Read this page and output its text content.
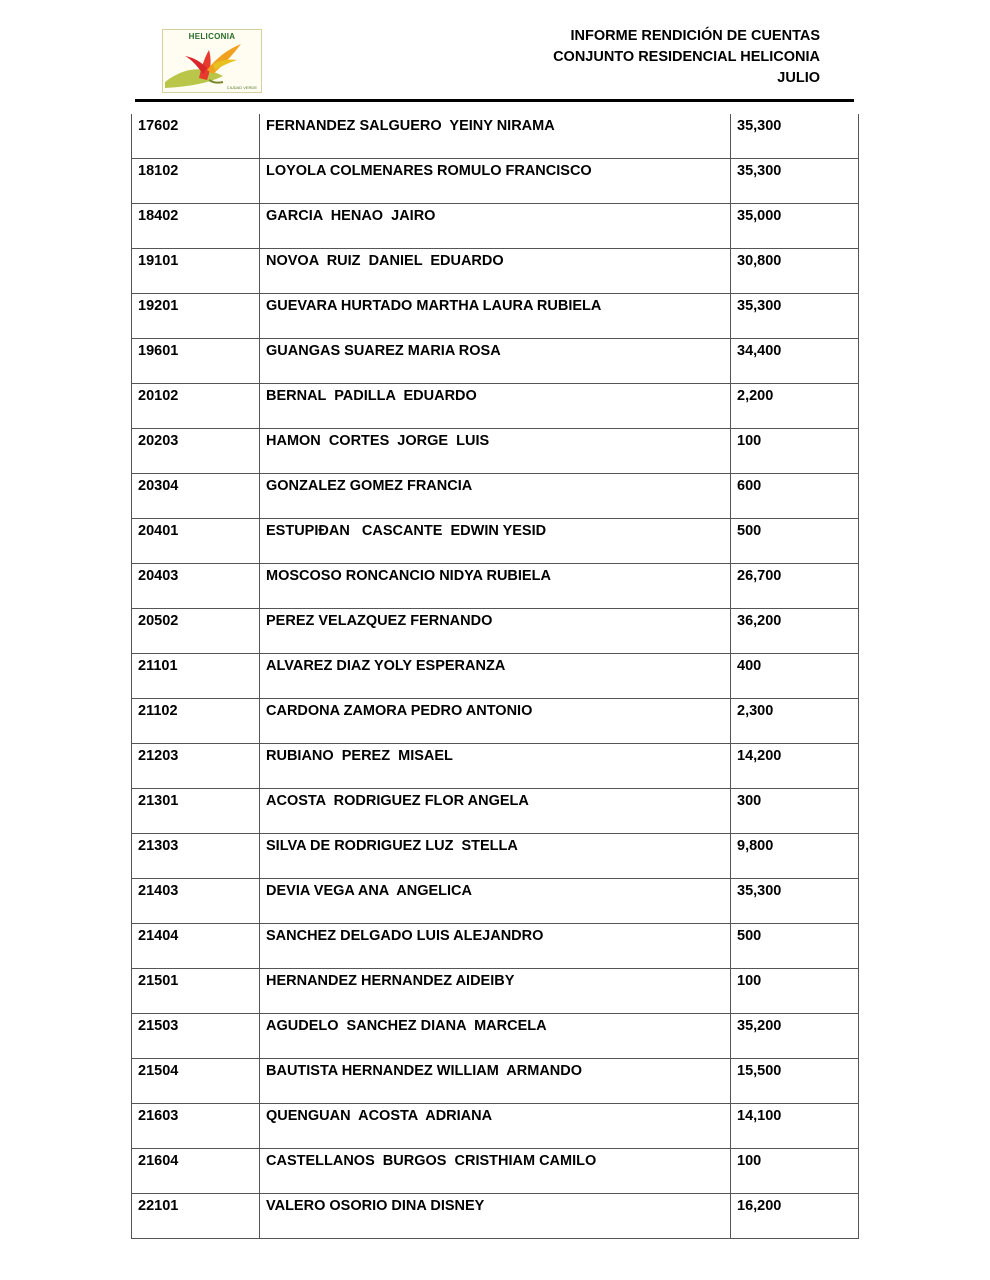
HELICONIA
CIUDAD VERDE
INFORME RENDICIÓN DE CUENTAS
CONJUNTO RESIDENCIAL HELICONIA
JULIO
17602	FERNANDEZ SALGUERO  YEINY NIRAMA	35,300
18102	LOYOLA COLMENARES ROMULO FRANCISCO	35,300
18402	GARCIA  HENAO  JAIRO	35,000
19101	NOVOA  RUIZ  DANIEL  EDUARDO	30,800
19201	GUEVARA HURTADO MARTHA LAURA RUBIELA	35,300
19601	GUANGAS SUAREZ MARIA ROSA	34,400
20102	BERNAL  PADILLA  EDUARDO	2,200
20203	HAMON  CORTES  JORGE  LUIS	100
20304	GONZALEZ GOMEZ FRANCIA	600
20401	ESTUPIĐAN   CASCANTE  EDWIN YESID	500
20403	MOSCOSO RONCANCIO NIDYA RUBIELA	26,700
20502	PEREZ VELAZQUEZ FERNANDO	36,200
21101	ALVAREZ DIAZ YOLY ESPERANZA	400
21102	CARDONA ZAMORA PEDRO ANTONIO	2,300
21203	RUBIANO  PEREZ  MISAEL	14,200
21301	ACOSTA  RODRIGUEZ FLOR ANGELA	300
21303	SILVA DE RODRIGUEZ LUZ  STELLA	9,800
21403	DEVIA VEGA ANA  ANGELICA	35,300
21404	SANCHEZ DELGADO LUIS ALEJANDRO	500
21501	HERNANDEZ HERNANDEZ AIDEIBY	100
21503	AGUDELO  SANCHEZ DIANA  MARCELA	35,200
21504	BAUTISTA HERNANDEZ WILLIAM  ARMANDO	15,500
21603	QUENGUAN  ACOSTA  ADRIANA	14,100
21604	CASTELLANOS  BURGOS  CRISTHIAM CAMILO	100
22101	VALERO OSORIO DINA DISNEY	16,200
